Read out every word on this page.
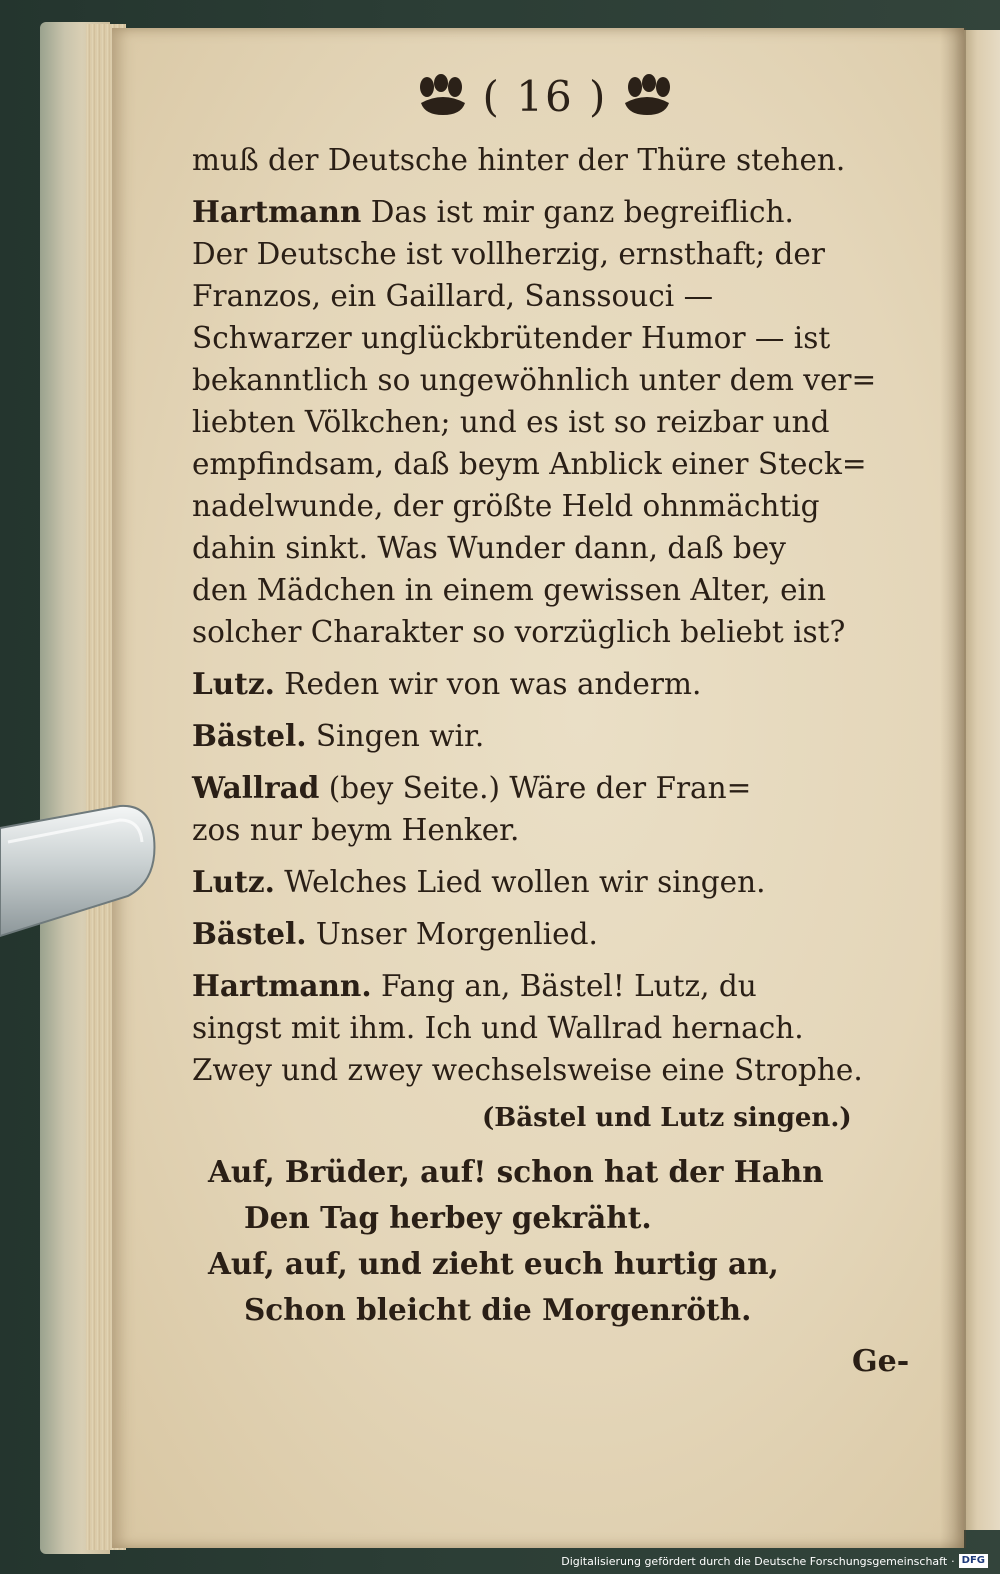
( 16 )
muß der Deutsche hinter der Thüre stehen.
Hartmann Das ist mir ganz begreiflich.
Der Deutsche ist vollherzig, ernsthaft; der
Franzos, ein Gaillard, Sanssouci —
Schwarzer unglückbrütender Humor — ist
bekanntlich so ungewöhnlich unter dem ver=
liebten Völkchen; und es ist so reizbar und
empfindsam, daß beym Anblick einer Steck=
nadelwunde, der größte Held ohnmächtig
dahin sinkt. Was Wunder dann, daß bey
den Mädchen in einem gewissen Alter, ein
solcher Charakter so vorzüglich beliebt ist?
Lutz. Reden wir von was anderm.
Bästel. Singen wir.
Wallrad (bey Seite.) Wäre der Fran=
zos nur beym Henker.
Lutz. Welches Lied wollen wir singen.
Bästel. Unser Morgenlied.
Hartmann. Fang an, Bästel! Lutz, du
singst mit ihm. Ich und Wallrad hernach.
Zwey und zwey wechselsweise eine Strophe.
(Bästel und Lutz singen.)
Auf, Brüder, auf! schon hat der Hahn
Den Tag herbey gekräht.
Auf, auf, und zieht euch hurtig an,
Schon bleicht die Morgenröth.
Ge-
Digitalisierung gefördert durch die Deutsche Forschungsgemeinschaft · DFG
